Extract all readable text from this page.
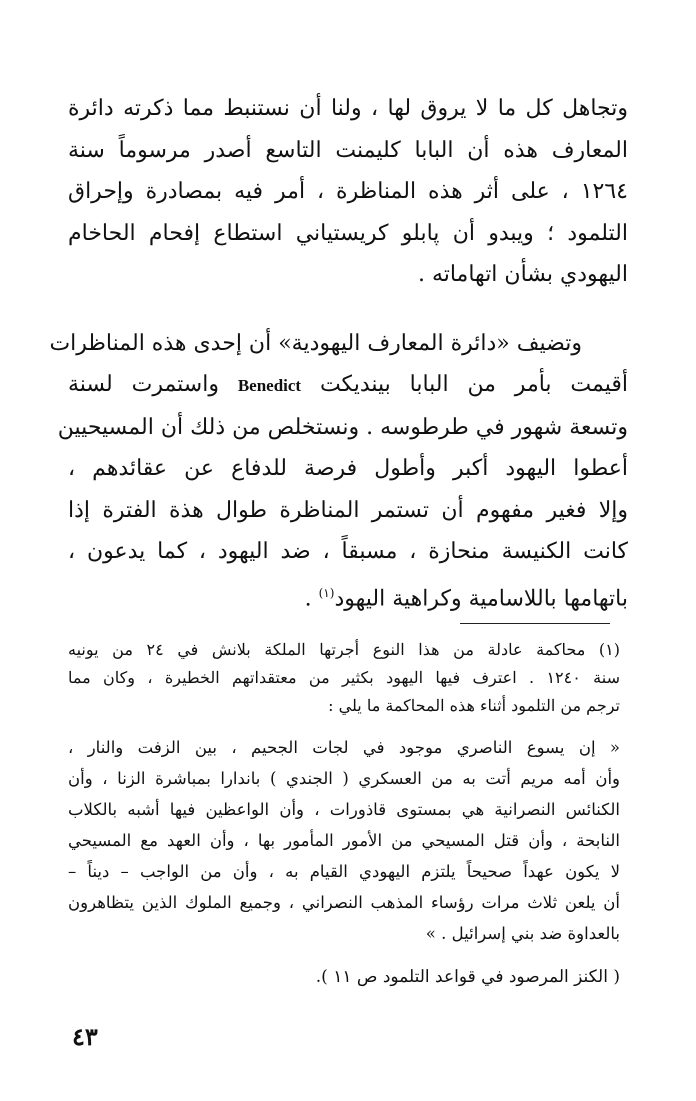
وتجاهل كل ما لا يروق لها ، ولنا أن نستنبط مما ذكرته دائرة
المعارف هذه أن البابا كليمنت التاسع أصدر مرسوماً سنة
١٢٦٤ ، على أثر هذه المناظرة ، أمر فيه بمصادرة وإحراق
التلمود ؛ ويبدو أن پابلو كريستياني استطاع إفحام الحاخام
اليهودي بشأن اتهاماته .

وتضيف «دائرة المعارف اليهودية» أن إحدى هذه المناظرات
أقيمت بأمر من البابا بينديكت Benedict واستمرت لسنة
وتسعة شهور في طرطوسه . ونستخلص من ذلك أن المسيحيين
أعطوا اليهود أكبر وأطول فرصة للدفاع عن عقائدهم ،
وإلا فغير مفهوم أن تستمر المناظرة طوال هذة الفترة إذا
كانت الكنيسة منحازة ، مسبقاً ، ضد اليهود ، كما يدعون ،
باتهامها باللاسامية وكراهية اليهود$^{(١)}$ .

(١) محاكمة عادلة من هذا النوع أجرتها الملكة بلانش في ٢٤ من يونيه
سنة ١٢٤٠ . اعترف فيها اليهود بكثير من معتقداتهم الخطيرة ، وكان مما
ترجم من التلمود أثناء هذه المحاكمة ما يلي :
« إن يسوع الناصري موجود في لجات الجحيم ، بين الزفت والنار ،
وأن أمه مريم أتت به من العسكري ( الجندي ) باندارا بمباشرة الزنا ، وأن
الكنائس النصرانية هي بمستوى قاذورات ، وأن الواعظين فيها أشبه بالكلاب
النابحة ، وأن قتل المسيحي من الأمور المأمور بها ، وأن العهد مع المسيحي
لا يكون عهداً صحيحاً يلتزم اليهودي القيام به ، وأن من الواجب – ديناً –
أن يلعن ثلاث مرات رؤساء المذهب النصراني ، وجميع الملوك الذين يتظاهرون
بالعداوة ضد بني إسرائيل . »
( الكنز المرصود في قواعد التلمود ص ١١ ).
٤٣
